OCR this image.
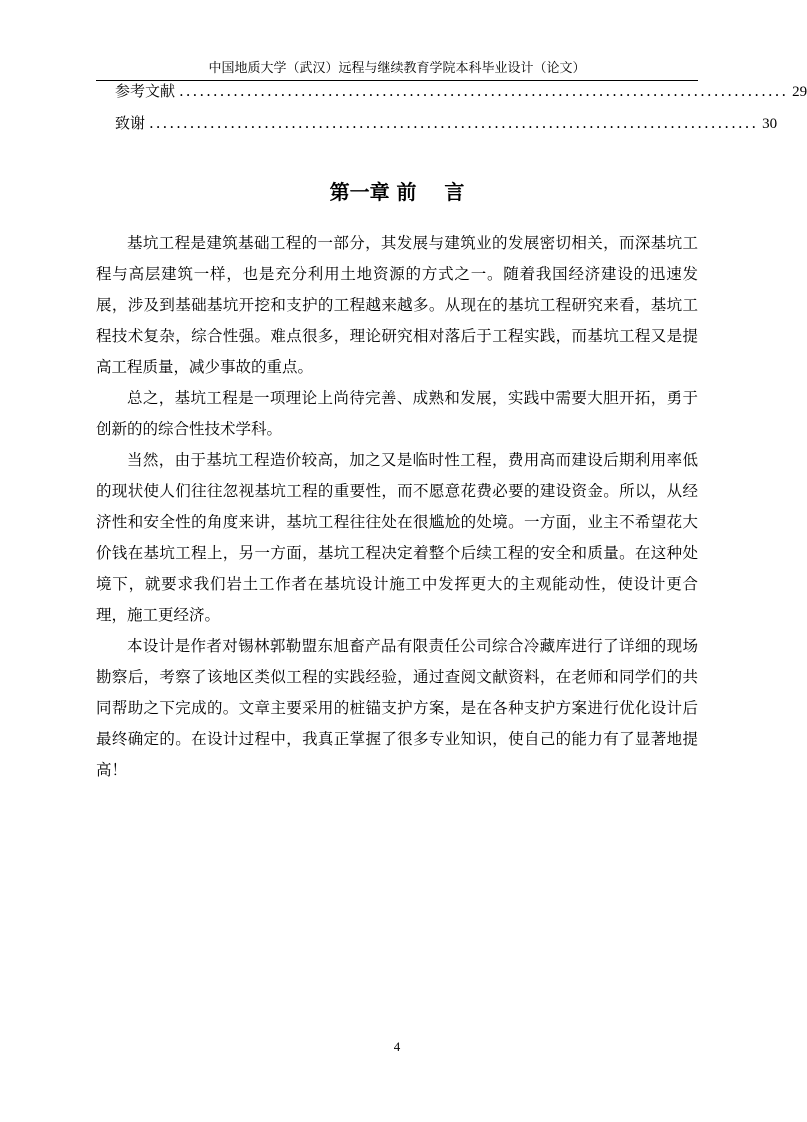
中国地质大学（武汉）远程与继续教育学院本科毕业设计（论文）
参考文献 .......................................................................................... 29
致谢 .......................................................................................... 30
第一章 前    言

基坑工程是建筑基础工程的一部分，其发展与建筑业的发展密切相关，而深基坑工程与高层建筑一样，也是充分利用土地资源的方式之一。随着我国经济建设的迅速发展，涉及到基础基坑开挖和支护的工程越来越多。从现在的基坑工程研究来看，基坑工程技术复杂，综合性强。难点很多，理论研究相对落后于工程实践，而基坑工程又是提高工程质量，减少事故的重点。

总之，基坑工程是一项理论上尚待完善、成熟和发展，实践中需要大胆开拓，勇于创新的的综合性技术学科。

当然，由于基坑工程造价较高，加之又是临时性工程，费用高而建设后期利用率低的现状使人们往往忽视基坑工程的重要性，而不愿意花费必要的建设资金。所以，从经济性和安全性的角度来讲，基坑工程往往处在很尴尬的处境。一方面，业主不希望花大价钱在基坑工程上，另一方面，基坑工程决定着整个后续工程的安全和质量。在这种处境下，就要求我们岩土工作者在基坑设计施工中发挥更大的主观能动性，使设计更合理，施工更经济。

本设计是作者对锡林郭勒盟东旭畜产品有限责任公司综合冷藏库进行了详细的现场勘察后，考察了该地区类似工程的实践经验，通过查阅文献资料，在老师和同学们的共同帮助之下完成的。文章主要采用的桩锚支护方案，是在各种支护方案进行优化设计后最终确定的。在设计过程中，我真正掌握了很多专业知识，使自己的能力有了显著地提高！

4
